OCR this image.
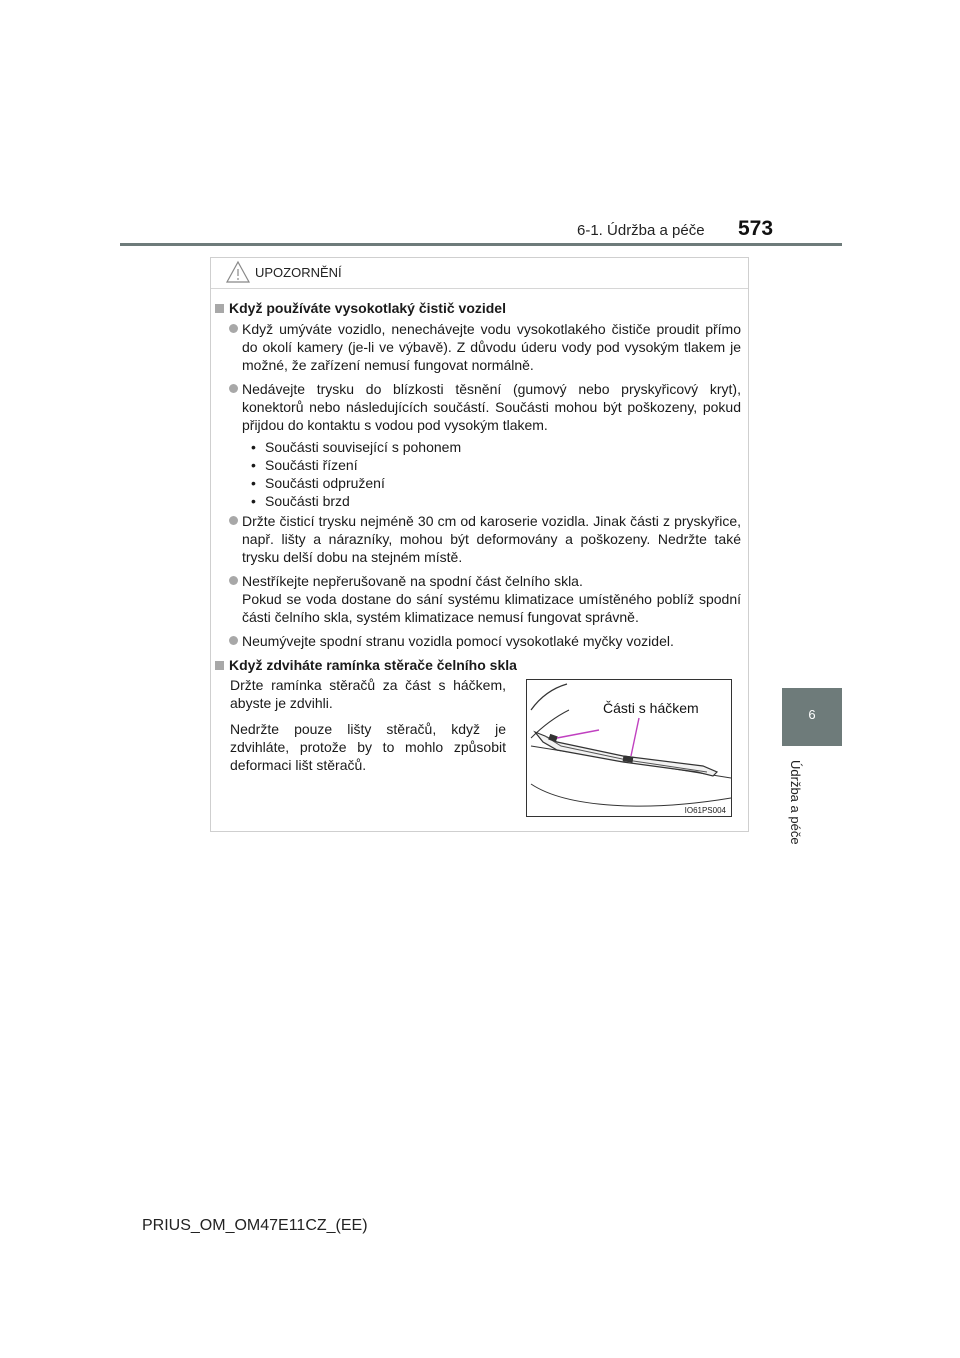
6-1. Údržba a péče 573
6
Údržba a péče
UPOZORNĚNÍ
Když používáte vysokotlaký čistič vozidel
Když umýváte vozidlo, nenechávejte vodu vysokotlakého čističe proudit přímo do okolí kamery (je-li ve výbavě). Z důvodu úderu vody pod vysokým tlakem je možné, že zařízení nemusí fungovat normálně.
Nedávejte trysku do blízkosti těsnění (gumový nebo pryskyřicový kryt), konektorů nebo následujících součástí. Součásti mohou být poškozeny, pokud přijdou do kontaktu s vodou pod vysokým tlakem.
• Součásti související s pohonem
• Součásti řízení
• Součásti odpružení
• Součásti brzd
Držte čisticí trysku nejméně 30 cm od karoserie vozidla. Jinak části z pryskyřice, např. lišty a nárazníky, mohou být deformovány a poškozeny. Nedržte také trysku delší dobu na stejném místě.
Nestříkejte nepřerušovaně na spodní část čelního skla.
Pokud se voda dostane do sání systému klimatizace umístěného poblíž spodní části čelního skla, systém klimatizace nemusí fungovat správně.
Neumývejte spodní stranu vozidla pomocí vysokotlaké myčky vozidel.
Když zdviháte ramínka stěrače čelního skla

Držte ramínka stěračů za část s háčkem, abyste je zdvihli.

Nedržte pouze lišty stěračů, když je zdvihláte, protože by to mohlo způsobit deformaci lišt stěračů.

Části s háčkem
IO61PS004
PRIUS_OM_OM47E11CZ_(EE)
